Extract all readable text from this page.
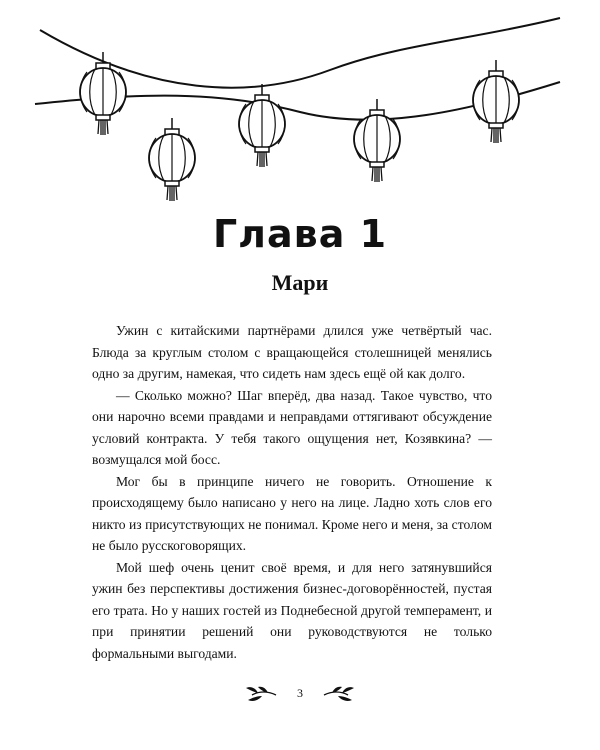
Глава 1
Мари

Ужин с китайскими партнёрами длился уже четвёртый час. Блюда за круглым столом с вращающейся столешницей менялись одно за другим, намекая, что сидеть нам здесь ещё ой как долго.

— Сколько можно? Шаг вперёд, два назад. Такое чувство, что они нарочно всеми правдами и неправдами оттягивают обсуждение условий контракта. У тебя такого ощущения нет, Козявкина? — возмущался мой босс.

Мог бы в принципе ничего не говорить. Отношение к происходящему было написано у него на лице. Ладно хоть слов его никто из присутствующих не понимал. Кроме него и меня, за столом не было русскоговорящих.

Мой шеф очень ценит своё время, и для него затянувшийся ужин без перспективы достижения бизнес-договорённостей, пустая его трата. Но у наших гостей из Поднебесной другой темперамент, и при принятии решений они руководствуются не только формальными выгодами.

3
